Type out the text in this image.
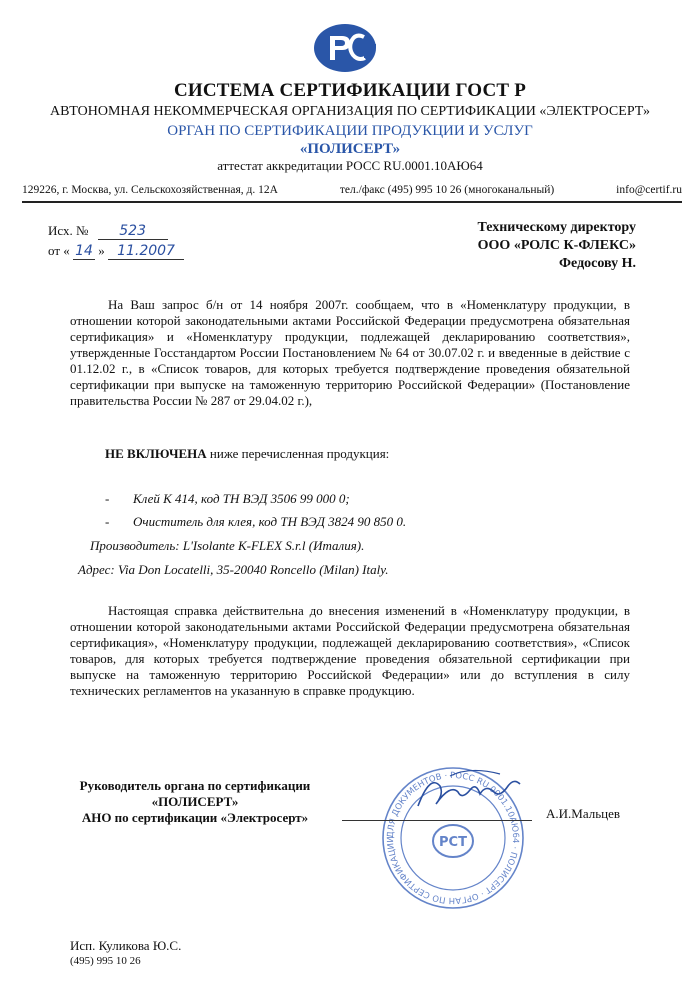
СИСТЕМА СЕРТИФИКАЦИИ ГОСТ Р
АВТОНОМНАЯ НЕКОММЕРЧЕСКАЯ ОРГАНИЗАЦИЯ ПО СЕРТИФИКАЦИИ «ЭЛЕКТРОСЕРТ»
ОРГАН ПО СЕРТИФИКАЦИИ ПРОДУКЦИИ И УСЛУГ
«ПОЛИСЕРТ»
аттестат аккредитации РОСС RU.0001.10АЮ64
129226, г. Москва, ул. Сельскохозяйственная, д. 12А	тел./факс (495) 995 10 26 (многоканальный)	info@certif.ru
Исх. № 523
от « 14 » 11.2007
Техническому директору
ООО «РОЛС К-ФЛЕКС»
Федосову Н.
На Ваш запрос б/н от 14 ноября 2007г. сообщаем, что в «Номенклатуру продукции, в отношении которой законодательными актами Российской Федерации предусмотрена обязательная сертификация» и «Номенклатуру продукции, подлежащей декларированию соответствия», утвержденные Госстандартом России Постановлением № 64 от 30.07.02 г. и введенные в действие с 01.12.02 г., в «Список товаров, для которых требуется подтверждение проведения обязательной сертификации при выпуске на таможенную территорию Российской Федерации» (Постановление правительства России № 287 от 29.04.02 г.),
НЕ ВКЛЮЧЕНА ниже перечисленная продукция:
- Клей К 414, код ТН ВЭД 3506 99 000 0;
- Очиститель для клея, код ТН ВЭД 3824 90 850 0.
Производитель: L'Isolante K-FLEX S.r.l (Италия).
Адрес: Via Don Locatelli, 35-20040 Roncello (Milan) Italy.
Настоящая справка действительна до внесения изменений в «Номенклатуру продукции, в отношении которой законодательными актами Российской Федерации предусмотрена обязательная сертификация», «Номенклатуру продукции, подлежащей декларированию соответствия», «Список товаров, для которых требуется подтверждение проведения обязательной сертификации при выпуске на таможенную территорию Российской Федерации» или до вступления в силу технических регламентов на указанную в справке продукцию.
Руководитель органа по сертификации
«ПОЛИСЕРТ»
АНО по сертификации «Электросерт»
ДЛЯ ДОКУМЕНТОВ · РОСС RU.0001.10АЮ64 · ПОЛИСЕРТ · ОРГАН ПО СЕРТИФИКАЦИИ	РСТ
А.И.Мальцев
Исп. Куликова Ю.С.
(495) 995 10 26
